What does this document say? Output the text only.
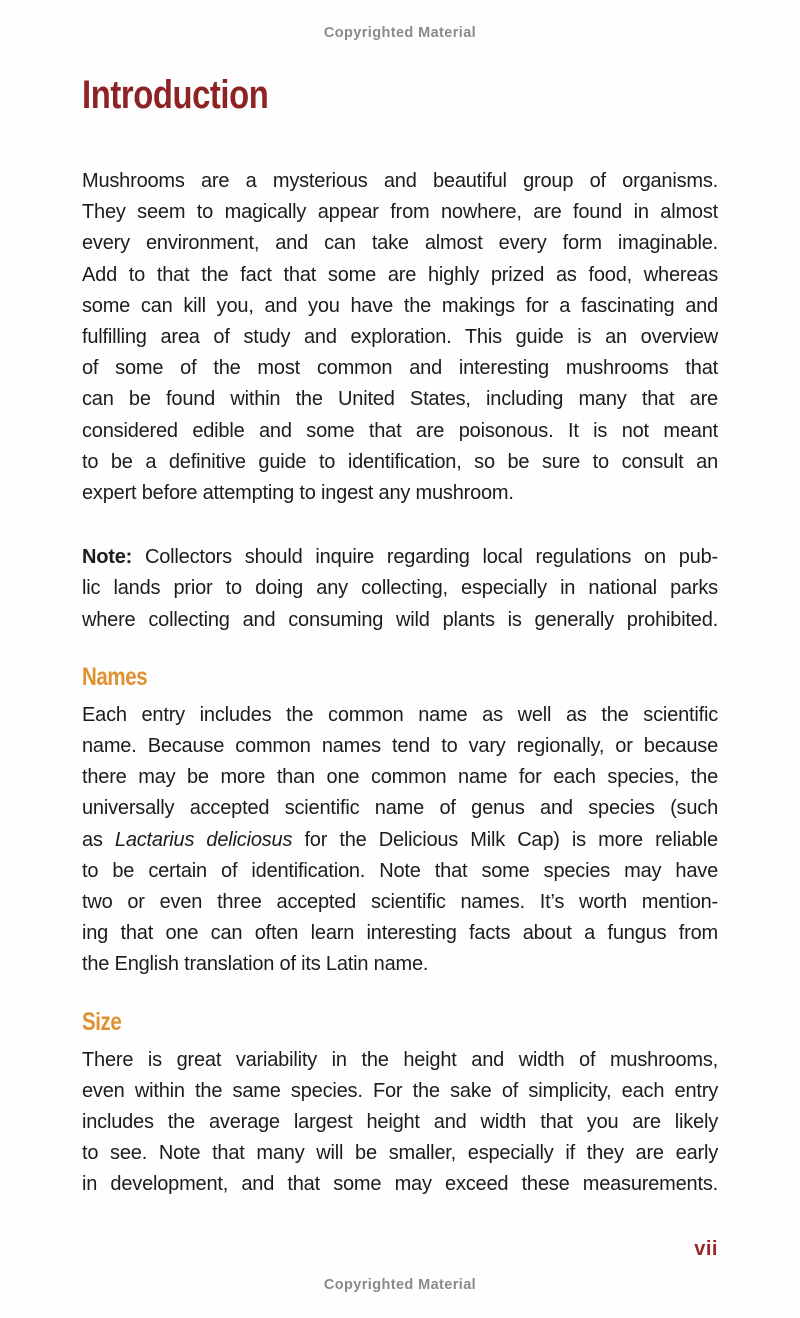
Copyrighted Material
Introduction
Mushrooms are a mysterious and beautiful group of organisms.
They seem to magically appear from nowhere, are found in almost
every environment, and can take almost every form imaginable.
Add to that the fact that some are highly prized as food, whereas
some can kill you, and you have the makings for a fascinating and
fulfilling area of study and exploration. This guide is an overview
of some of the most common and interesting mushrooms that
can be found within the United States, including many that are
considered edible and some that are poisonous. It is not meant
to be a definitive guide to identification, so be sure to consult an
expert before attempting to ingest any mushroom.
Note: Collectors should inquire regarding local regulations on pub-
lic lands prior to doing any collecting, especially in national parks
where collecting and consuming wild plants is generally prohibited.
Names
Each entry includes the common name as well as the scientific
name. Because common names tend to vary regionally, or because
there may be more than one common name for each species, the
universally accepted scientific name of genus and species (such
as Lactarius deliciosus for the Delicious Milk Cap) is more reliable
to be certain of identification. Note that some species may have
two or even three accepted scientific names. It’s worth mention-
ing that one can often learn interesting facts about a fungus from
the English translation of its Latin name.
Size
There is great variability in the height and width of mushrooms,
even within the same species. For the sake of simplicity, each entry
includes the average largest height and width that you are likely
to see. Note that many will be smaller, especially if they are early
in development, and that some may exceed these measurements.
vii
Copyrighted Material
